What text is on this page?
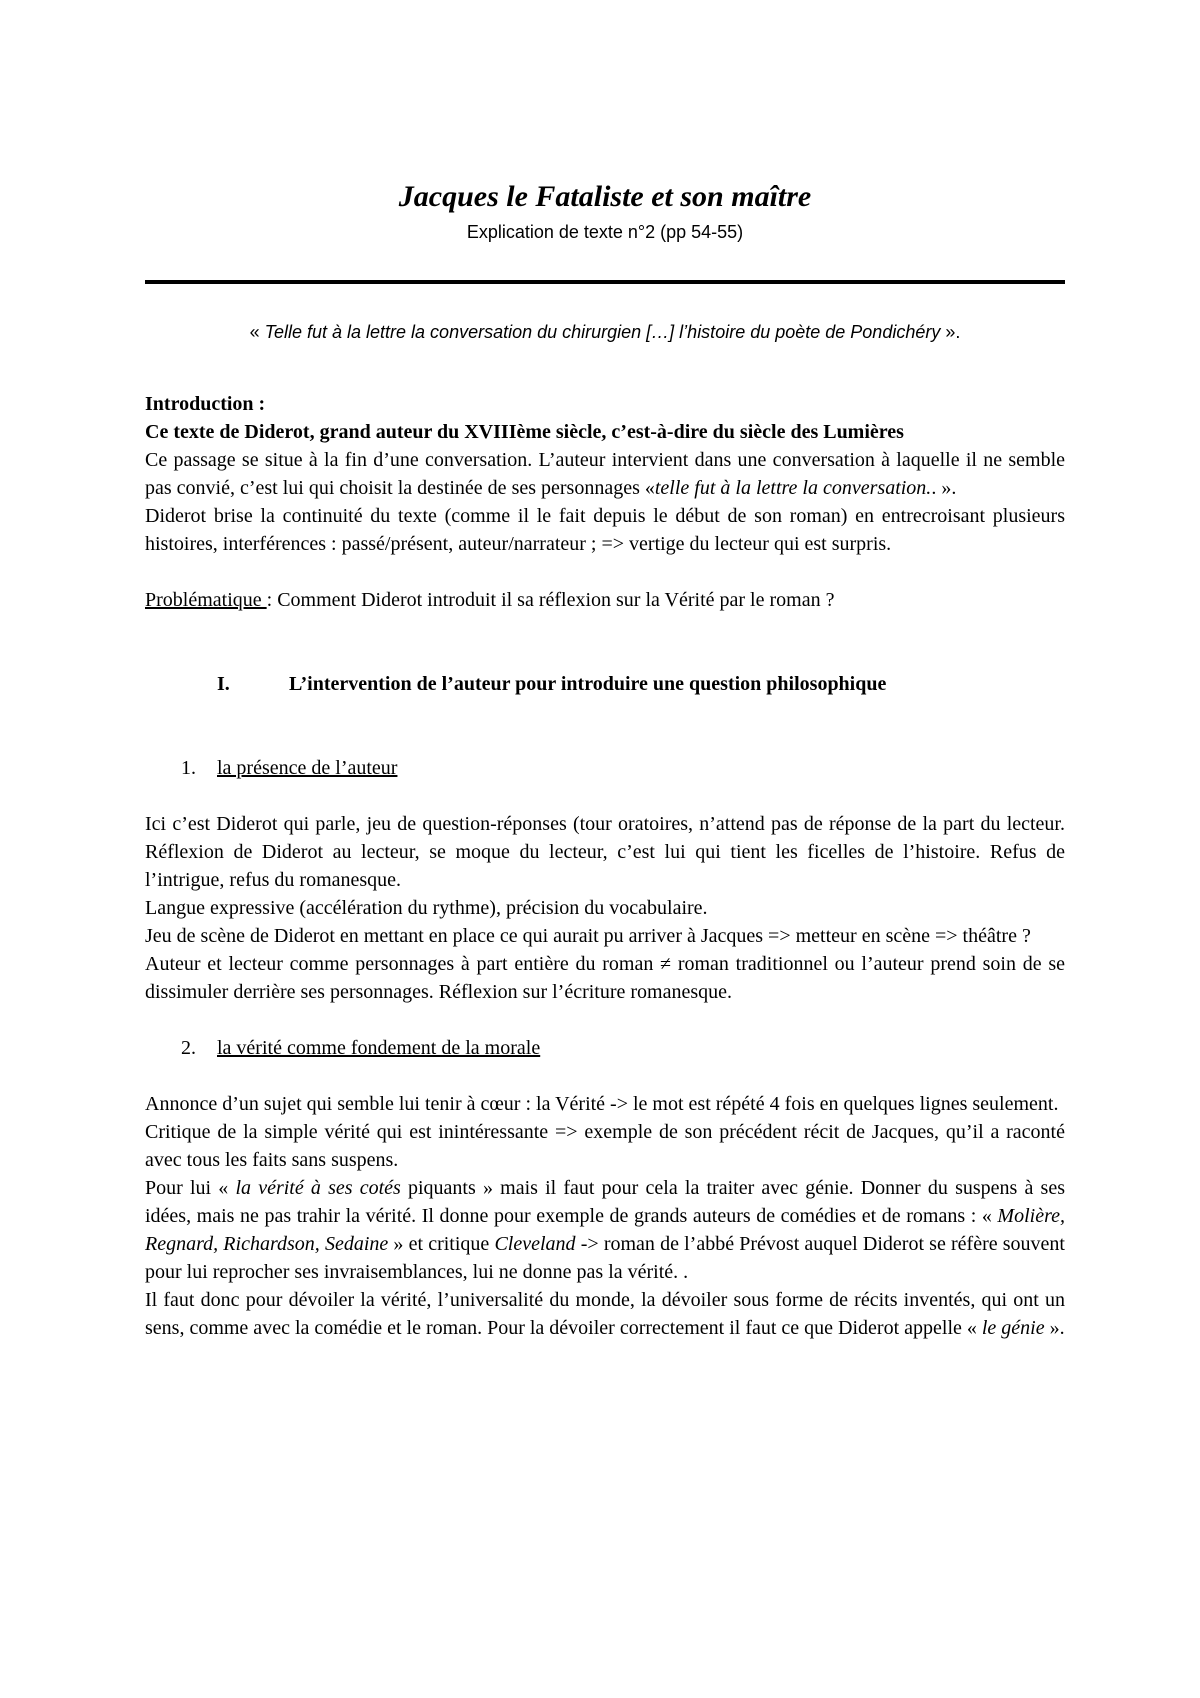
Jacques le Fataliste et son maître
Explication de texte n°2 (pp 54-55)
« Telle fut à la lettre la conversation du chirurgien […] l’histoire du poète de Pondichéry ».

Introduction :

Ce texte de Diderot, grand auteur du XVIIIème siècle, c’est-à-dire du siècle des Lumières

Ce passage se situe à la fin d’une conversation. L’auteur intervient dans une conversation à laquelle il ne semble pas convié, c’est lui qui choisit la destinée de ses personnages «telle fut à la lettre la conversation.. ».

Diderot brise la continuité du texte (comme il le fait depuis le début de son roman) en entrecroisant plusieurs histoires, interférences : passé/présent, auteur/narrateur ; => vertige du lecteur qui est surpris.

Problématique : Comment Diderot introduit il sa réflexion sur la Vérité par le roman ?

I.	L’intervention de l’auteur pour introduire une question philosophique
1.	la présence de l’auteur

Ici c’est Diderot qui parle, jeu de question-réponses (tour oratoires, n’attend pas de réponse de la part du lecteur. Réflexion de Diderot au lecteur, se moque du lecteur, c’est lui qui tient les ficelles de l’histoire. Refus de l’intrigue, refus du romanesque.

Langue expressive (accélération du rythme), précision du vocabulaire.

Jeu de scène de Diderot en mettant en place ce qui aurait pu arriver à Jacques => metteur en scène => théâtre ?

Auteur et lecteur comme personnages à part entière du roman ≠ roman traditionnel ou l’auteur prend soin de se dissimuler derrière ses personnages. Réflexion sur l’écriture romanesque.

2.	la vérité comme fondement de la morale

Annonce d’un sujet qui semble lui tenir à cœur : la Vérité -> le mot est répété 4 fois en quelques lignes seulement.

Critique de la simple vérité qui est inintéressante => exemple de son précédent récit de Jacques, qu’il a raconté avec tous les faits sans suspens.

Pour lui « la vérité à ses cotés piquants » mais il faut pour cela la traiter avec génie. Donner du suspens à ses idées, mais ne pas trahir la vérité. Il donne pour exemple de grands auteurs de comédies et de romans : « Molière, Regnard, Richardson, Sedaine » et critique Cleveland -> roman de l’abbé Prévost auquel Diderot se réfère souvent pour lui reprocher ses invraisemblances, lui ne donne pas la vérité. .

Il faut donc pour dévoiler la vérité, l’universalité du monde, la dévoiler sous forme de récits inventés, qui ont un sens, comme avec la comédie et le roman. Pour la dévoiler correctement il faut ce que Diderot appelle « le génie ».
